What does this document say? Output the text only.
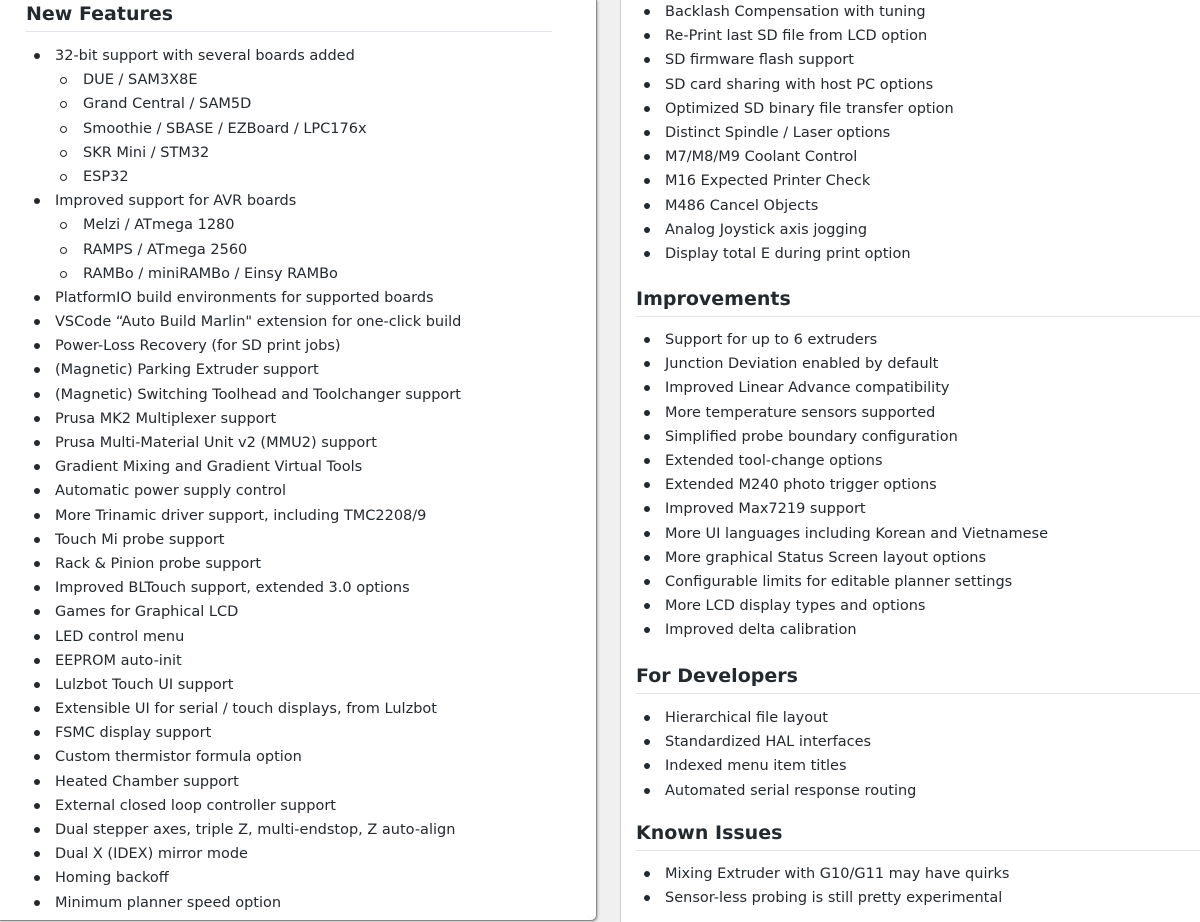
New Features
32-bit support with several boards added
DUE / SAM3X8E
Grand Central / SAM5D
Smoothie / SBASE / EZBoard / LPC176x
SKR Mini / STM32
ESP32
Improved support for AVR boards
Melzi / ATmega 1280
RAMPS / ATmega 2560
RAMBo / miniRAMBo / Einsy RAMBo
PlatformIO build environments for supported boards
VSCode “Auto Build Marlin" extension for one-click build
Power-Loss Recovery (for SD print jobs)
(Magnetic) Parking Extruder support
(Magnetic) Switching Toolhead and Toolchanger support
Prusa MK2 Multiplexer support
Prusa Multi-Material Unit v2 (MMU2) support
Gradient Mixing and Gradient Virtual Tools
Automatic power supply control
More Trinamic driver support, including TMC2208/9
Touch Mi probe support
Rack & Pinion probe support
Improved BLTouch support, extended 3.0 options
Games for Graphical LCD
LED control menu
EEPROM auto-init
Lulzbot Touch UI support
Extensible UI for serial / touch displays, from Lulzbot
FSMC display support
Custom thermistor formula option
Heated Chamber support
External closed loop controller support
Dual stepper axes, triple Z, multi-endstop, Z auto-align
Dual X (IDEX) mirror mode
Homing backoff
Minimum planner speed option
Backlash Compensation with tuning
Re-Print last SD file from LCD option
SD firmware flash support
SD card sharing with host PC options
Optimized SD binary file transfer option
Distinct Spindle / Laser options
M7/M8/M9 Coolant Control
M16 Expected Printer Check
M486 Cancel Objects
Analog Joystick axis jogging
Display total E during print option
Improvements
Support for up to 6 extruders
Junction Deviation enabled by default
Improved Linear Advance compatibility
More temperature sensors supported
Simplified probe boundary configuration
Extended tool-change options
Extended M240 photo trigger options
Improved Max7219 support
More UI languages including Korean and Vietnamese
More graphical Status Screen layout options
Configurable limits for editable planner settings
More LCD display types and options
Improved delta calibration
For Developers
Hierarchical file layout
Standardized HAL interfaces
Indexed menu item titles
Automated serial response routing
Known Issues
Mixing Extruder with G10/G11 may have quirks
Sensor-less probing is still pretty experimental
